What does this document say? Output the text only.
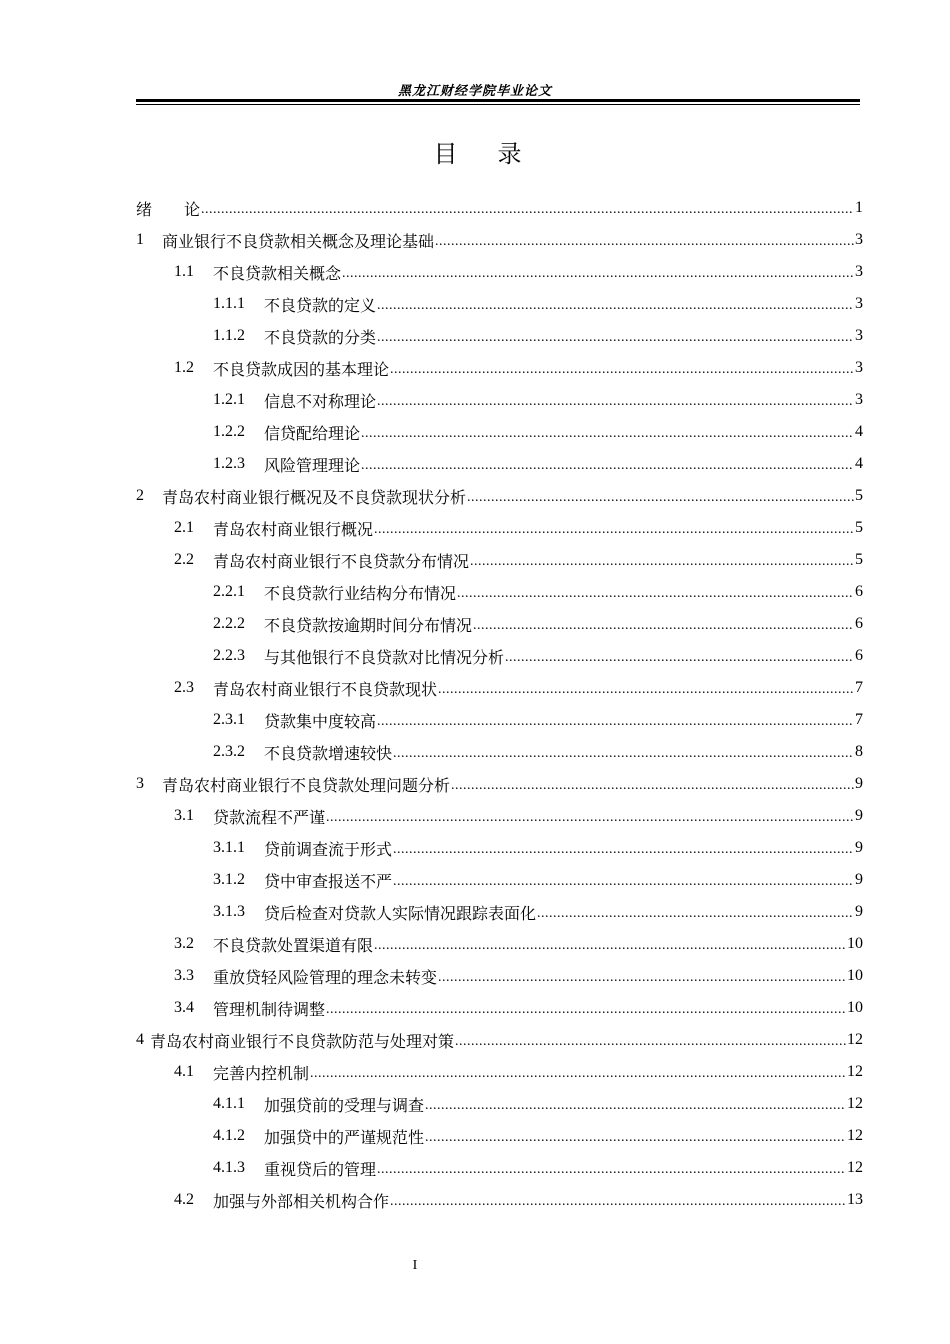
黑龙江财经学院毕业论文
目录
绪论 .....	1
1 商业银行不良贷款相关概念及理论基础 .....	3
1.1 不良贷款相关概念 .....	3
1.1.1 不良贷款的定义 .....	3
1.1.2 不良贷款的分类 .....	3
1.2 不良贷款成因的基本理论 .....	3
1.2.1 信息不对称理论 .....	3
1.2.2 信贷配给理论 .....	4
1.2.3 风险管理理论 .....	4
2 青岛农村商业银行概况及不良贷款现状分析 .....	5
2.1 青岛农村商业银行概况 .....	5
2.2 青岛农村商业银行不良贷款分布情况 .....	5
2.2.1 不良贷款行业结构分布情况 .....	6
2.2.2 不良贷款按逾期时间分布情况 .....	6
2.2.3 与其他银行不良贷款对比情况分析 .....	6
2.3 青岛农村商业银行不良贷款现状 .....	7
2.3.1 贷款集中度较高 .....	7
2.3.2 不良贷款增速较快 .....	8
3 青岛农村商业银行不良贷款处理问题分析 .....	9
3.1 贷款流程不严谨 .....	9
3.1.1 贷前调查流于形式 .....	9
3.1.2 贷中审查报送不严 .....	9
3.1.3 贷后检查对贷款人实际情况跟踪表面化 .....	9
3.2 不良贷款处置渠道有限 .....	10
3.3 重放贷轻风险管理的理念未转变 .....	10
3.4 管理机制待调整 .....	10
4 青岛农村商业银行不良贷款防范与处理对策 .....	12
4.1 完善内控机制 .....	12
4.1.1 加强贷前的受理与调查 .....	12
4.1.2 加强贷中的严谨规范性 .....	12
4.1.3 重视贷后的管理 .....	12
4.2 加强与外部相关机构合作 .....	13
I
